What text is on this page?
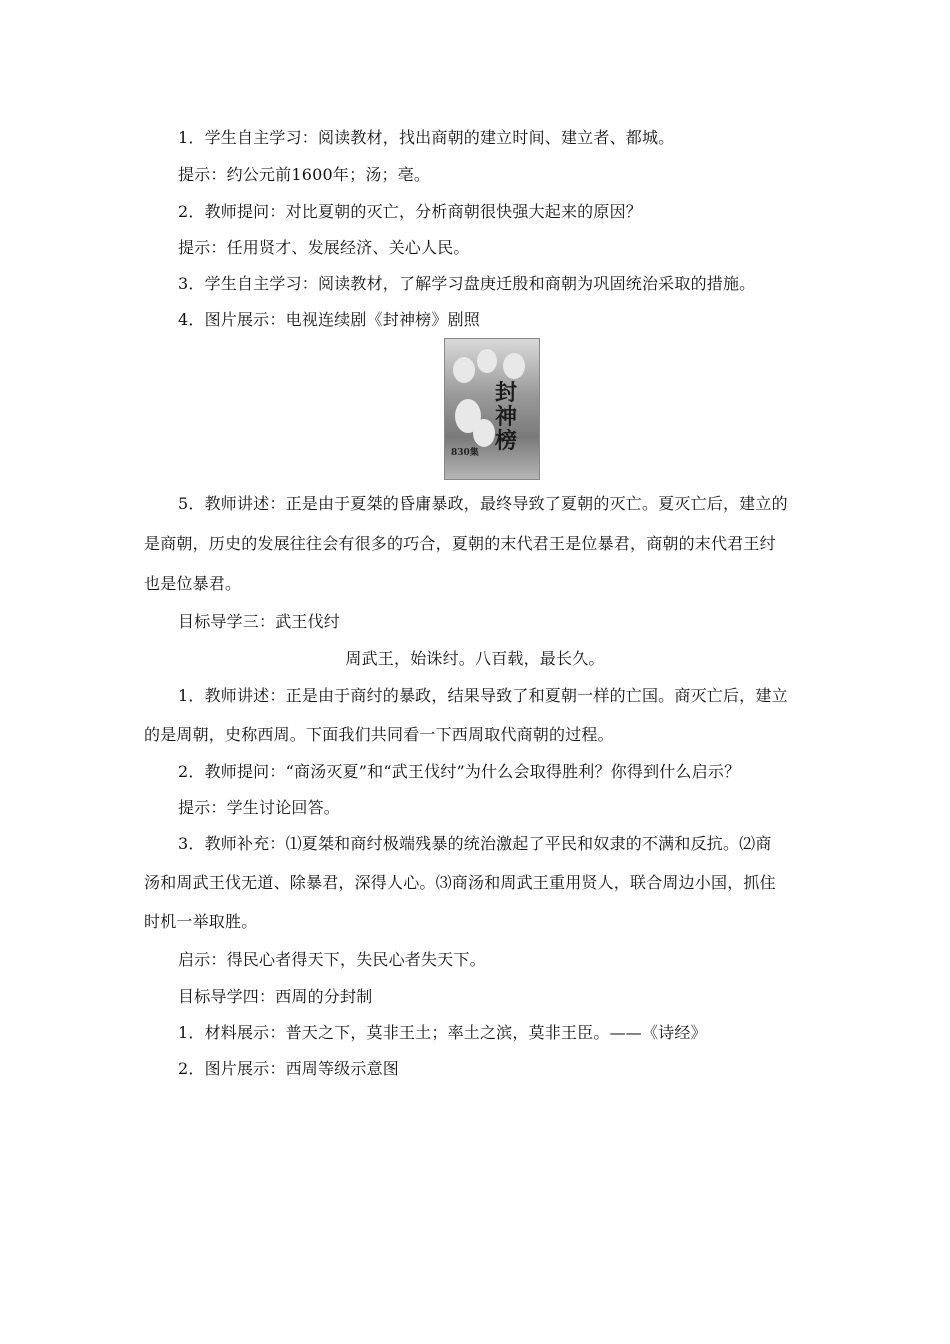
1．学生自主学习：阅读教材，找出商朝的建立时间、建立者、都城。
提示：约公元前1600年；汤；亳。
2．教师提问：对比夏朝的灭亡，分析商朝很快强大起来的原因？
提示：任用贤才、发展经济、关心人民。
3．学生自主学习：阅读教材，了解学习盘庚迁殷和商朝为巩固统治采取的措施。
4．图片展示：电视连续剧《封神榜》剧照
封神榜
830集
5．教师讲述：正是由于夏桀的昏庸暴政，最终导致了夏朝的灭亡。夏灭亡后，建立的
是商朝，历史的发展往往会有很多的巧合，夏朝的末代君王是位暴君，商朝的末代君王纣
也是位暴君。
目标导学三：武王伐纣
周武王，始诛纣。八百载，最长久。
1．教师讲述：正是由于商纣的暴政，结果导致了和夏朝一样的亡国。商灭亡后，建立
的是周朝，史称西周。下面我们共同看一下西周取代商朝的过程。
2．教师提问：“商汤灭夏”和“武王伐纣”为什么会取得胜利？你得到什么启示？
提示：学生讨论回答。
3．教师补充：⑴夏桀和商纣极端残暴的统治激起了平民和奴隶的不满和反抗。⑵商
汤和周武王伐无道、除暴君，深得人心。⑶商汤和周武王重用贤人，联合周边小国，抓住
时机一举取胜。
启示：得民心者得天下，失民心者失天下。
目标导学四：西周的分封制
1．材料展示：普天之下，莫非王土；率土之滨，莫非王臣。——《诗经》
2．图片展示：西周等级示意图
